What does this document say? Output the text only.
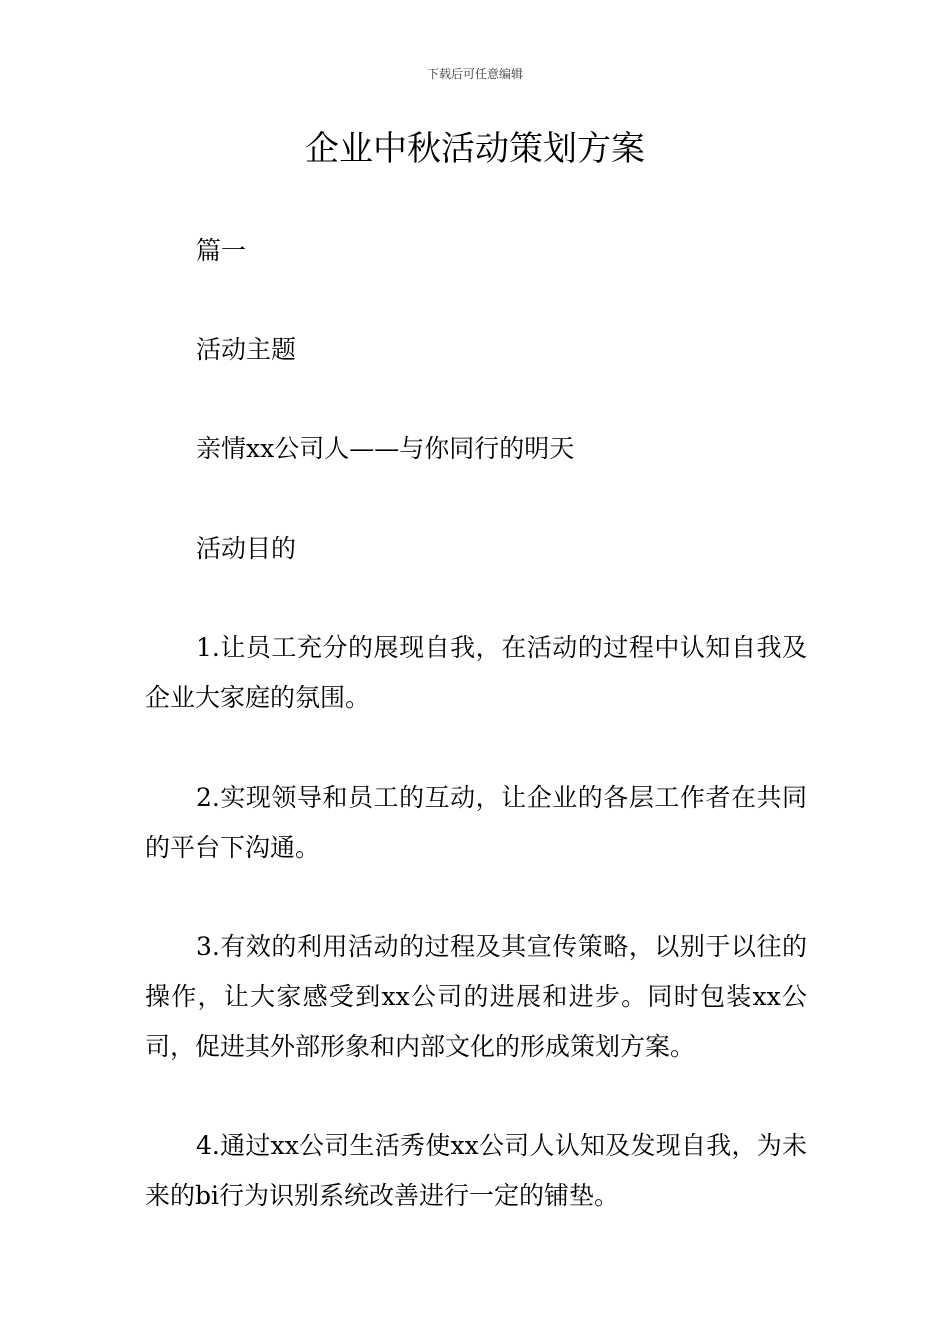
下载后可任意编辑
企业中秋活动策划方案

篇一

活动主题

亲情xx公司人——与你同行的明天

活动目的

1.让员工充分的展现自我，在活动的过程中认知自我及企业大家庭的氛围。

2.实现领导和员工的互动，让企业的各层工作者在共同的平台下沟通。

3.有效的利用活动的过程及其宣传策略，以别于以往的操作，让大家感受到xx公司的进展和进步。同时包装xx公司，促进其外部形象和内部文化的形成策划方案。

4.通过xx公司生活秀使xx公司人认知及发现自我，为未来的bi行为识别系统改善进行一定的铺垫。
